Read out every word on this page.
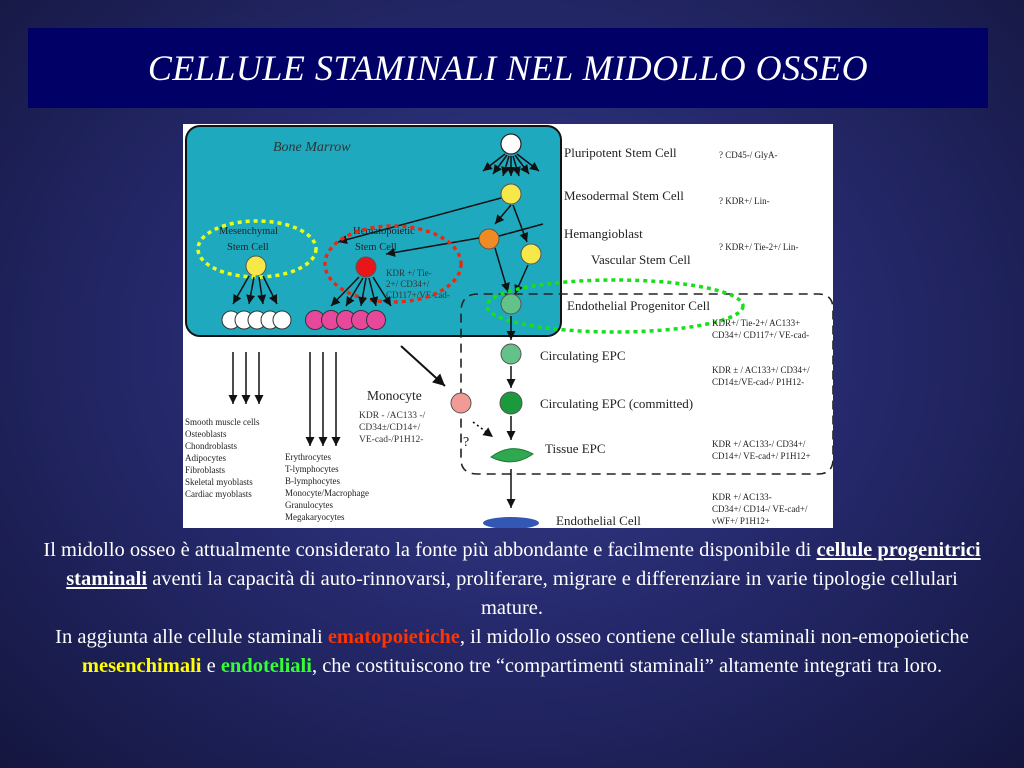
CELLULE STAMINALI NEL MIDOLLO OSSEO
Bone Marrow
Mesenchymal
Stem Cell
Hematopoietic
Stem Cell
KDR +/ Tie-
2+/ CD34+/
CD117+/VE-cad-
?
Monocyte
KDR - /AC133 -/
CD34±/CD14+/
VE-cad-/P1H12-
Smooth muscle cells
Osteoblasts
Chondroblasts
Adipocytes
Fibroblasts
Skeletal myoblasts
Cardiac myoblasts
Erythrocytes
T-lymphocytes
B-lymphocytes
Monocyte/Macrophage
Granulocytes
Megakaryocytes
Pluripotent Stem Cell
Mesodermal Stem Cell
Hemangioblast
Vascular Stem Cell
Endothelial Progenitor Cell
Circulating EPC
Circulating EPC (committed)
Tissue EPC
Endothelial Cell
? CD45-/ GlyA-
? KDR+/ Lin-
? KDR+/ Tie-2+/ Lin-
KDR+/ Tie-2+/ AC133+
CD34+/ CD117+/ VE-cad-
KDR ± / AC133+/ CD34+/
CD14±/VE-cad-/ P1H12-
KDR +/ AC133-/ CD34+/
CD14+/ VE-cad+/ P1H12+
KDR +/ AC133-
CD34+/ CD14-/ VE-cad+/
vWF+/ P1H12+

Il midollo osseo è attualmente considerato la fonte più abbondante e facilmente disponibile di cellule progenitrici staminali aventi la capacità di auto-rinnovarsi, proliferare, migrare e differenziare in varie tipologie cellulari mature.

In aggiunta alle cellule staminali ematopoietiche, il midollo osseo contiene cellule staminali non-emopoietiche mesenchimali e endoteliali, che costituiscono tre “compartimenti staminali” altamente integrati tra loro.
